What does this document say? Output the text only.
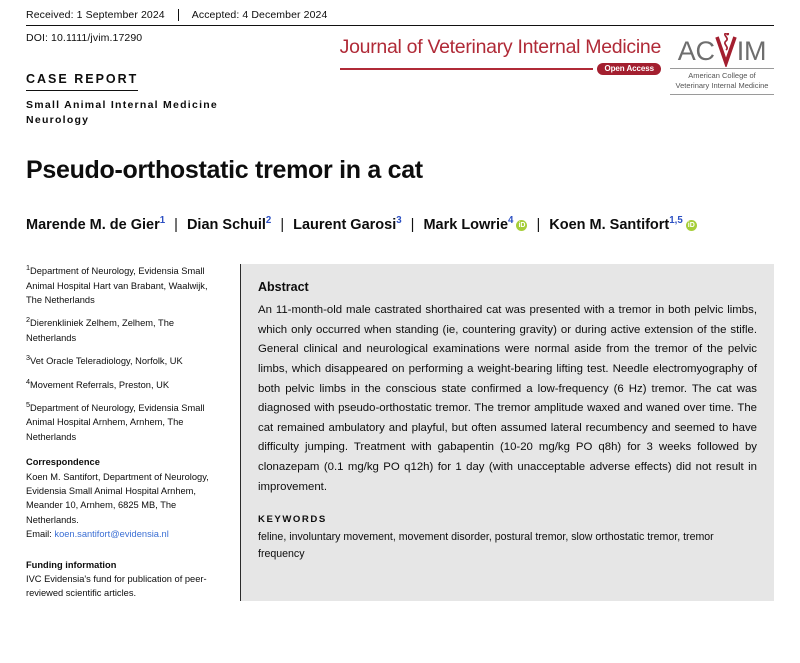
Received: 1 September 2024	Accepted: 4 December 2024
DOI: 10.1111/jvim.17290	Journal of Veterinary Internal Medicine
Open Access
AC IM
American College of
Veterinary Internal Medicine
CASE REPORT
Small Animal Internal Medicine
Neurology
Pseudo-orthostatic tremor in a cat
Marende M. de Gier$^1$ | Dian Schuil$^2$ | Laurent Garosi$^3$ | Mark Lowrie$^4$ iD | Koen M. Santifort$^{1,5}$ iD
$^1$Department of Neurology, Evidensia Small Animal Hospital Hart van Brabant, Waalwijk, The Netherlands
$^2$Dierenkliniek Zelhem, Zelhem, The Netherlands
$^3$Vet Oracle Teleradiology, Norfolk, UK
$^4$Movement Referrals, Preston, UK
$^5$Department of Neurology, Evidensia Small Animal Hospital Arnhem, Arnhem, The Netherlands
Correspondence
Koen M. Santifort, Department of Neurology, Evidensia Small Animal Hospital Arnhem, Meander 10, Arnhem, 6825 MB, The Netherlands.
Email: koen.santifort@evidensia.nl
Funding information
IVC Evidensia's fund for publication of peer-reviewed scientific articles.
Abstract

An 11-month-old male castrated shorthaired cat was presented with a tremor in both pelvic limbs, which only occurred when standing (ie, countering gravity) or during active extension of the stifle. General clinical and neurological examinations were normal aside from the tremor of the pelvic limbs, which disappeared on performing a weight-bearing lifting test. Needle electromyography of both pelvic limbs in the conscious state confirmed a low-frequency (6 Hz) tremor. The cat was diagnosed with pseudo-orthostatic tremor. The tremor amplitude waxed and waned over time. The cat remained ambulatory and playful, but often assumed lateral recumbency and seemed to have difficulty jumping. Treatment with gabapentin (10-20 mg/kg PO q8h) for 3 weeks followed by clonazepam (0.1 mg/kg PO q12h) for 1 day (with unacceptable adverse effects) did not result in improvement.

KEYWORDS
feline, involuntary movement, movement disorder, postural tremor, slow orthostatic tremor, tremor frequency
